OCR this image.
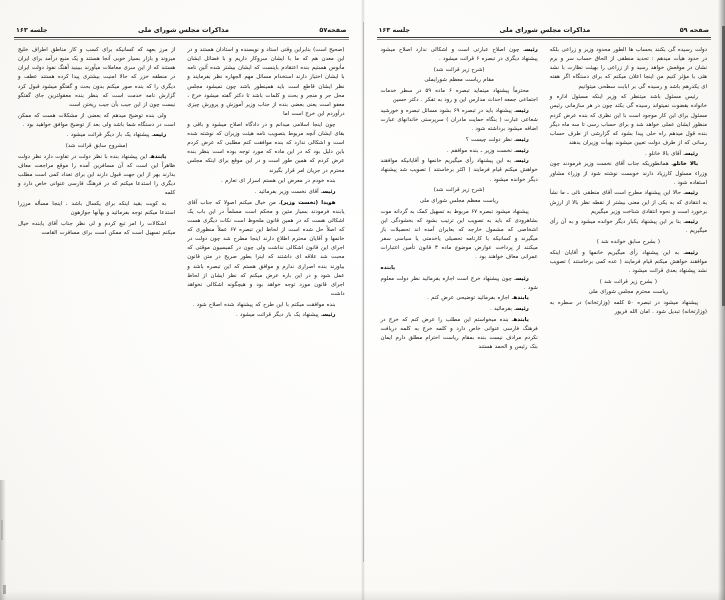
صفحه ۵۹
مذاکرات مجلس شورای ملی
جلسه ۱۶۳

دولت رسیده گی بکنند بحساب ها الطور محدود وزیر و زراعی بلکه در حدود هیأت میدهم : تحدید منطقی از الحاق حساب سر و برم نشان در موقعش خواهد رسید و از زراعی را بهیئت نظارت با نشد هئی با مؤثر کنیم من اینجا اعلان میکنم که برای دستگاه اگر هفته ای یکدرهم باشد و رسیده گی بر ابابت سطحی میتوانیم

رئیس مسئول باشد میتنظر که وزیر اینکه مسئول اداره و خانواده بقضوت نمیتواند رسیده گی بکند چون در هر سازمانی رئیس مسئول برای این کار موجود است با این نظری که بنده عرض کردم منظور ایشان عملی خواهد شد و برای حساب رسی تا سه ماه دیگر بنده قول میدهم راه حلی پیدا بشود که گزارشی از طرف حساب رسانی که از طرف دولت تعیین میشوند بهیأت وزیران بدهند

رئیسـ آقای بالا خانلو .

بالا خانلوـ همانطوریکه جناب آقای نخست وزیر فرمودند چون وزراء مسئول کارزیاد دارند خوبست نوشته شود از وزراء مشاور استفاده شود .

رئیسـ حالا این پیشنهاد مطرح است آقای منطقی نائی ـ ما نشأ به انتقادی که به یکی از این معنی بیشتر از نقطه نظر بالا از ارزش برخورد است و نحوه انتقادی شناخت وزیر میگیریم

رئیسـ بنا بر این پیشنهاد یکبار دیگر خوانده میشود و به آن رأی میگیریم .

( بشرح سابق خوانده شد )

رئیسـ به این پیشنهاد رأی میگیریم خانمها و آقایان اینکه موافقند خواهش میکنم قیام فرمایند ( عده کمی برخاستند ) تصویب نشد پیشنهاد بعدی قرائت میشود .

( بشرح زیر قرائت شد )

ریاست محترم مجلس شورای ملی

پیشنهاد میشود در تبصره ۵۰ کلمه (وزارتخانه) در سطره به (وزارتخانه) تبدیل شود . امان الله فریور

رئیسـ چون اصلاح عبارتی است و اشکالی ندارد اصلاح میشود پیشنهاد دیگری در تبصره ۶ قرائت میشود .

(شرح زیر قرائت شد)

مقام ریاست معظم شورایملی

محترماً پیشنهاد مینماید تبصره ۶ ماده ۵۹ در سطر خدمات اجتماعی جمعه احداث مدارس این و رود به تفکر . دکتر حسین

رئیسـ پیشنهاد باید در تبصره ۶۹ بشود مسائل تبصره و خورشید شعاعی عبارت ( بنگاه حمایت مادران ) سرپرستی خاندانهای عبارت اضافه میشود برداشته شود .

رئیسـ نظر دولت چیست ؟

رئیسـ نخست وزیر ـ بنده موافقم .

رئیسـ به این پیشنهاد رأی میگیریم خانمها و آقایانیکه موافقند خواهش میکنم قیام فرمایند ( اکثر برخاستند ) تصویب شد پیشنهاد دیگر خوانده میشود .

(شرح زیر قرائت شد)

ریاست معظم مجلس شورای ملی

پیشنهاد میشود تبصره ۶۷ مربوط به تسهیل کمک به گردانه موت بشاهرودی که باید به تصویب این ترتیب بشود که بخشودگی این اشخاصی که مشمول خارجه که بعایران آمده اند تحصیلات باز میگیرند و کسانیکه با کارنامه تحصیلی یاخدمتی یا سیاسی سفر میکنند از پرداخت عوارض موضوع ماده ۳ قانون تأمین اعتبارات عمرانی معاف خواهند بود .

یابنده

رئیسـ چون پیشنهاد خرج است اجازه بفرمائید نظر دولت معلوم شود .

یابندهـ اجازه بفرمائید توضیحی عرض کنم .

رئیسـ بفرمائید .

یابندهـ بنده میخواستم این مطلب را عرض کنم که خرج در فرهنگ فارسی عنوانی خاص دارد و کلمه خرج به کلمه دریافت نکردم مرادف نیست بنده بمقام ریاست احترام مطلق دارم ایمان بنک رئیس و الحمد هستند

صفحه۵۷
مذاکرات مجلس شورای ملی
جلسه ۱۶۳

(صحیح است) بنابراین وقتی استاد و نویسنده و استادان هستند و در این معدن هم که ما با ایشان سروکار داریم و با فضائل ایشان مأنوس هستیم بنده اعتقادم باینست که ایشان بیشتر شده آئین نامه با ایشان اختیار دارند استخدام مسائل مهم الجهاره نظر بفرمایند و نظر ایشان قاطع است باید همینطور باشد چون نمیشود مجلس محل جر و منجر و بحث و کلمات باشد تا دکتر گفته میشود خرج ، معفو است یعنی بعضی بنده از جناب وزیر آموزش و پرورش چیزی درآوردم این خرج است اما

چون اینجا اسلامی میدانم و در دادگاه اصلاح میشود و باقی و بقای ایشان آنچه مربوط بتصویب نامه هیئت وزیران که نوشته شده است و اشکالی ندارد که بنده موافقت کنم مطلبی که عرض کردم باین دلیل بود که در این ماده که مورد توجه بوده است بنظر بنده عرض کردم که همین طور است و در این موقع برای اینکه مجلس محترم در جریان امر قرار بگیرند

بنده خودم در معرض این هستم اسرار ای تعارم .

رئیسـ آقای نخست وزیر بفرمائید .

هویدا (نخست وزیر)ـ من خیال میکنم اصولا که جناب آقای یابنده فرمودند بسیار متین و محکم است مسلماً در این باب یک اشکالی هست که در همین قانون ملحوظ است نکات دیگری هست که اصلاً حل شده است از لحاظ این تبصره ۶۷ عملاً منظوری که خانمها و آقایان محترم اطلاع دارند اینجا مطرح شد چون دولت در اجرای این قانون اشکالی نداشت ولی چون در کمیسیون موقتی که محبت شد علاقه ای داشتند که اینرا بطور صریح در متن قانون بیاورند بنده اصراری ندارم و موافق هستم که این تبصره باشد و عمل شود و در این باره عرض میکنم که نظر ایشان از لحاظ اجرای قانون مورد توجه خواهد بود و هیچگونه اشکالی نخواهد داشت

بنده موافقت میکنم با این طرح که پیشنهاد شده اصلاح شود .

رئیسـ پیشنهاد یک بار دیگر قرائت میشود .

از مرز بعهد که کسانیکه برای کسب و کار مناطق اطراف خلیج میروند و بازار بسیار خوبی آنجا هستند و یک منبع درآمد برای ایران هستند که از این سری معاملات میآورند ببینید آهنگ نفوذ دولت ایران در منطقه خزر که حالا امنیت بیشتری پیدا کرده هستند عطف و دیگری را که بنده صور میکنم بدون بحث و گفتگو میشود قبول کرد گزارش نامه خدمت است که بنظر بنده معقولترین جای گفتگو نیست چون از این جیب بآن جیب ریختن است

ولی بنده توضیح میدهم که بعضی از مشکلات هست که ممکن است در دستگاه شما باشد ولی بعد از توضیح موافق خواهید بود .

رئیسـ پیشنهاد یک بار دیگر قرائت میشود .

(مشروح سابق قرائت شد)

یابندهـ این پیشنهاد بنده با نظر دولت در تفاوت دارد نظر دولت ظاهراً این است که آن مسافرین آمده را موقع مراجعت معاف بدارند بهر از این جهت قبول دارند این برای تعداد کمی است مطلب دیگری را استدعا میکنم که در فرهنگ فارسی عنوانی خاص دارد و کلمه

به کویت بقید اینکه برای یکسال باشد ، اینجا مسأله مرزرا استدعا میکنم توجه بفرمائید و بهآنها جوازهون

اشکالات را امر تبع کردم و لی نظر جناب آقای یابنده خیال میکنم تسهیل است که ممکن است برای مسافرت القامت
